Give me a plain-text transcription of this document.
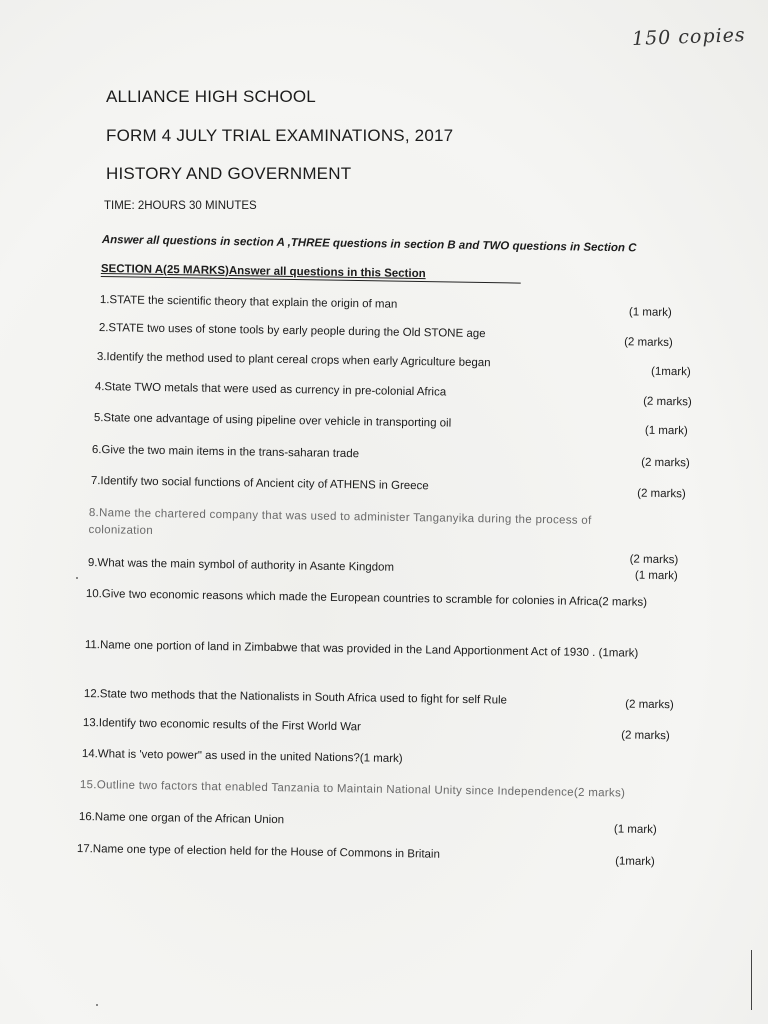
150 copies
ALLIANCE HIGH SCHOOL
FORM 4 JULY TRIAL EXAMINATIONS, 2017
HISTORY AND GOVERNMENT
TIME: 2HOURS 30 MINUTES
Answer all questions in section A ,THREE questions in section B and TWO questions in Section C
SECTION A(25 MARKS)Answer all questions in this Section
1.STATE the scientific theory that explain the origin of man
(1 mark)
2.STATE two uses of stone tools by early people during the Old STONE age
(2 marks)
3.Identify the method used to plant cereal crops when early Agriculture began
(1mark)
4.State TWO metals that were used as currency in pre-colonial Africa
(2 marks)
5.State one advantage of using pipeline over vehicle in transporting oil
(1 mark)
6.Give the two main items in the trans-saharan trade
(2 marks)
7.Identify two social functions of Ancient city of ATHENS in Greece
(2 marks)
8.Name the chartered company that was used to administer Tanganyika during the process of colonization
(2 marks)
9.What was the main symbol of authority in Asante Kingdom
(1 mark)
10.Give two economic reasons which made the European countries to scramble for colonies in Africa(2 marks)
11.Name one portion of land in Zimbabwe that was provided in the Land Apportionment Act of 1930 . (1mark)
12.State two methods that the Nationalists in South Africa used to fight for self Rule	(2 marks)
13.Identify two economic results of the First World War
(2 marks)
14.What is 'veto power" as used in the united Nations?(1 mark)
15.Outline two factors that enabled Tanzania to Maintain National Unity since Independence(2 marks)
16.Name one organ of the African Union
(1 mark)
17.Name one type of election held for the House of Commons in Britain
(1mark)
